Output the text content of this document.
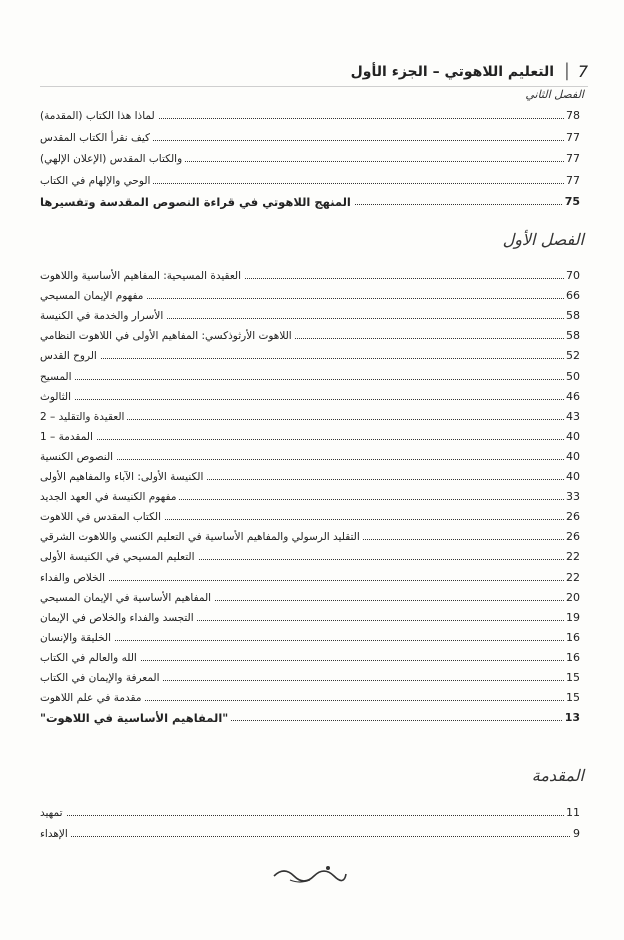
التعليم اللاهوتي – الجزء الأول | 7
(المقدمة) لماذا هذا الكتاب	78
كيف نقرأ الكتاب المقدس	77
(الإعلان الإلهي) والكتاب المقدس	77
الوحي والإلهام في الكتاب	77
المنهج اللاهوتي في قراءة النصوص المقدسة وتفسيرها	75
الفصل الأول
العقيدة المسيحية: المفاهيم الأساسية واللاهوت	70
مفهوم الإيمان المسيحي	66
الأسرار والخدمة في الكنيسة	58
اللاهوت الأرثوذكسي: المفاهيم الأولى في اللاهوت النظامي	58
الروح القدس	52
المسيح	50
الثالوث	46
العقيدة والتقليد – 2	43
المقدمة – 1	40
النصوص الكنسية	40
الكنيسة الأولى: الآباء والمفاهيم الأولى	40
مفهوم الكنيسة في العهد الجديد	33
الكتاب المقدس في اللاهوت	26
التقليد الرسولي والمفاهيم الأساسية في التعليم الكنسي واللاهوت الشرقي	26
التعليم المسيحي في الكنيسة الأولى	22
الخلاص والفداء	22
المفاهيم الأساسية في الإيمان المسيحي	20
التجسد والفداء والخلاص في الإيمان	19
الخليقة والإنسان	16
الله والعالم في الكتاب	16
المعرفة والإيمان في الكتاب	15
مقدمة في علم اللاهوت	15
"المفاهيم الأساسية في اللاهوت"	13
المقدمة
تمهيد	11
الإهداء	9
الفصل الثاني
